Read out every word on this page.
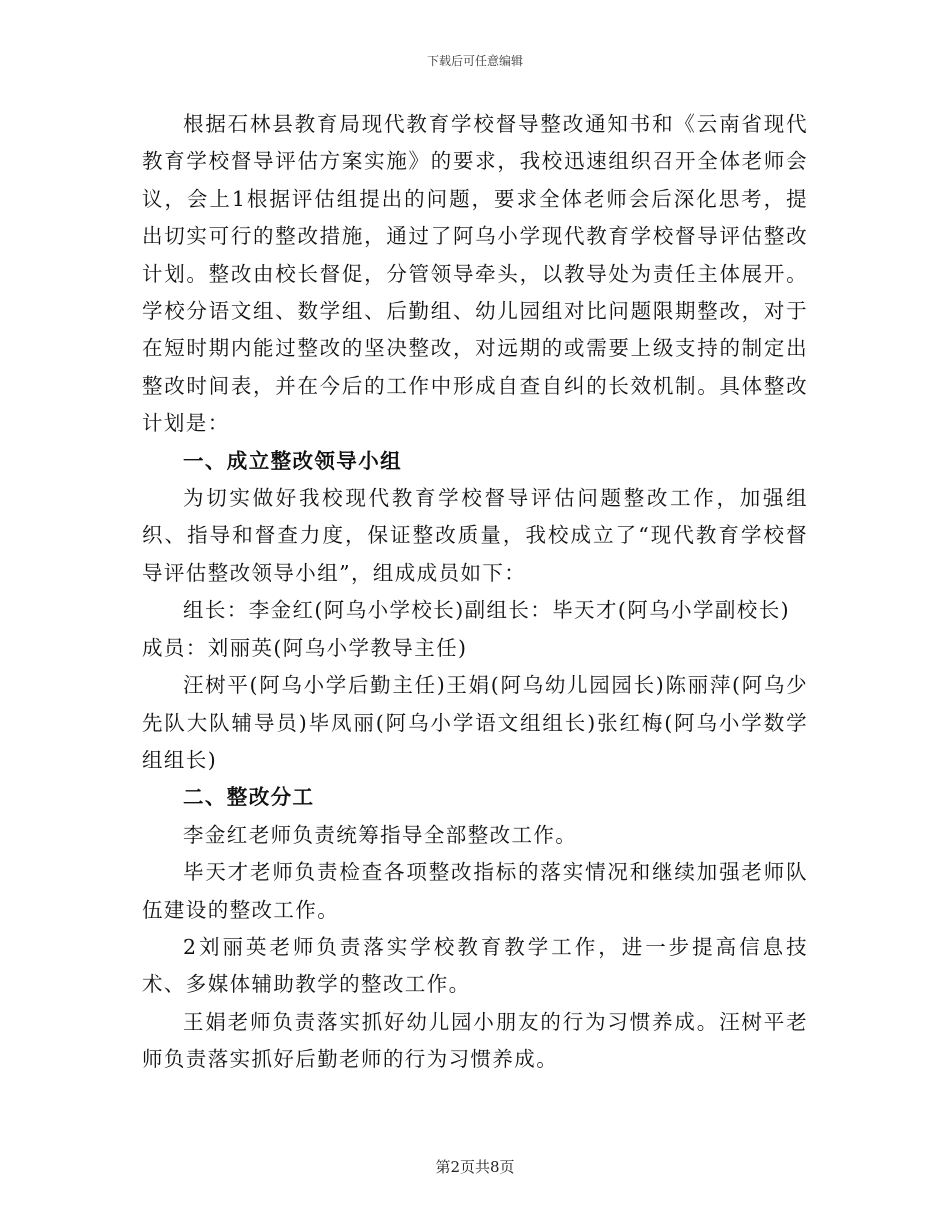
下载后可任意编辑

根据石林县教育局现代教育学校督导整改通知书和《云南省现代教育学校督导评估方案实施》的要求，我校迅速组织召开全体老师会议，会上1根据评估组提出的问题，要求全体老师会后深化思考，提出切实可行的整改措施，通过了阿乌小学现代教育学校督导评估整改计划。整改由校长督促，分管领导牵头，以教导处为责任主体展开。学校分语文组、数学组、后勤组、幼儿园组对比问题限期整改，对于在短时期内能过整改的坚决整改，对远期的或需要上级支持的制定出整改时间表，并在今后的工作中形成自查自纠的长效机制。具体整改计划是：

一、成立整改领导小组

为切实做好我校现代教育学校督导评估问题整改工作，加强组织、指导和督查力度，保证整改质量，我校成立了“现代教育学校督导评估整改领导小组”，组成成员如下：

组长：李金红(阿乌小学校长)副组长：毕天才(阿乌小学副校长)

成员：刘丽英(阿乌小学教导主任)

汪树平(阿乌小学后勤主任)王娟(阿乌幼儿园园长)陈丽萍(阿乌少先队大队辅导员)毕凤丽(阿乌小学语文组组长)张红梅(阿乌小学数学组组长)

二、整改分工

李金红老师负责统筹指导全部整改工作。

毕天才老师负责检查各项整改指标的落实情况和继续加强老师队伍建设的整改工作。

2刘丽英老师负责落实学校教育教学工作，进一步提高信息技术、多媒体辅助教学的整改工作。

王娟老师负责落实抓好幼儿园小朋友的行为习惯养成。汪树平老师负责落实抓好后勤老师的行为习惯养成。

第2页共8页
